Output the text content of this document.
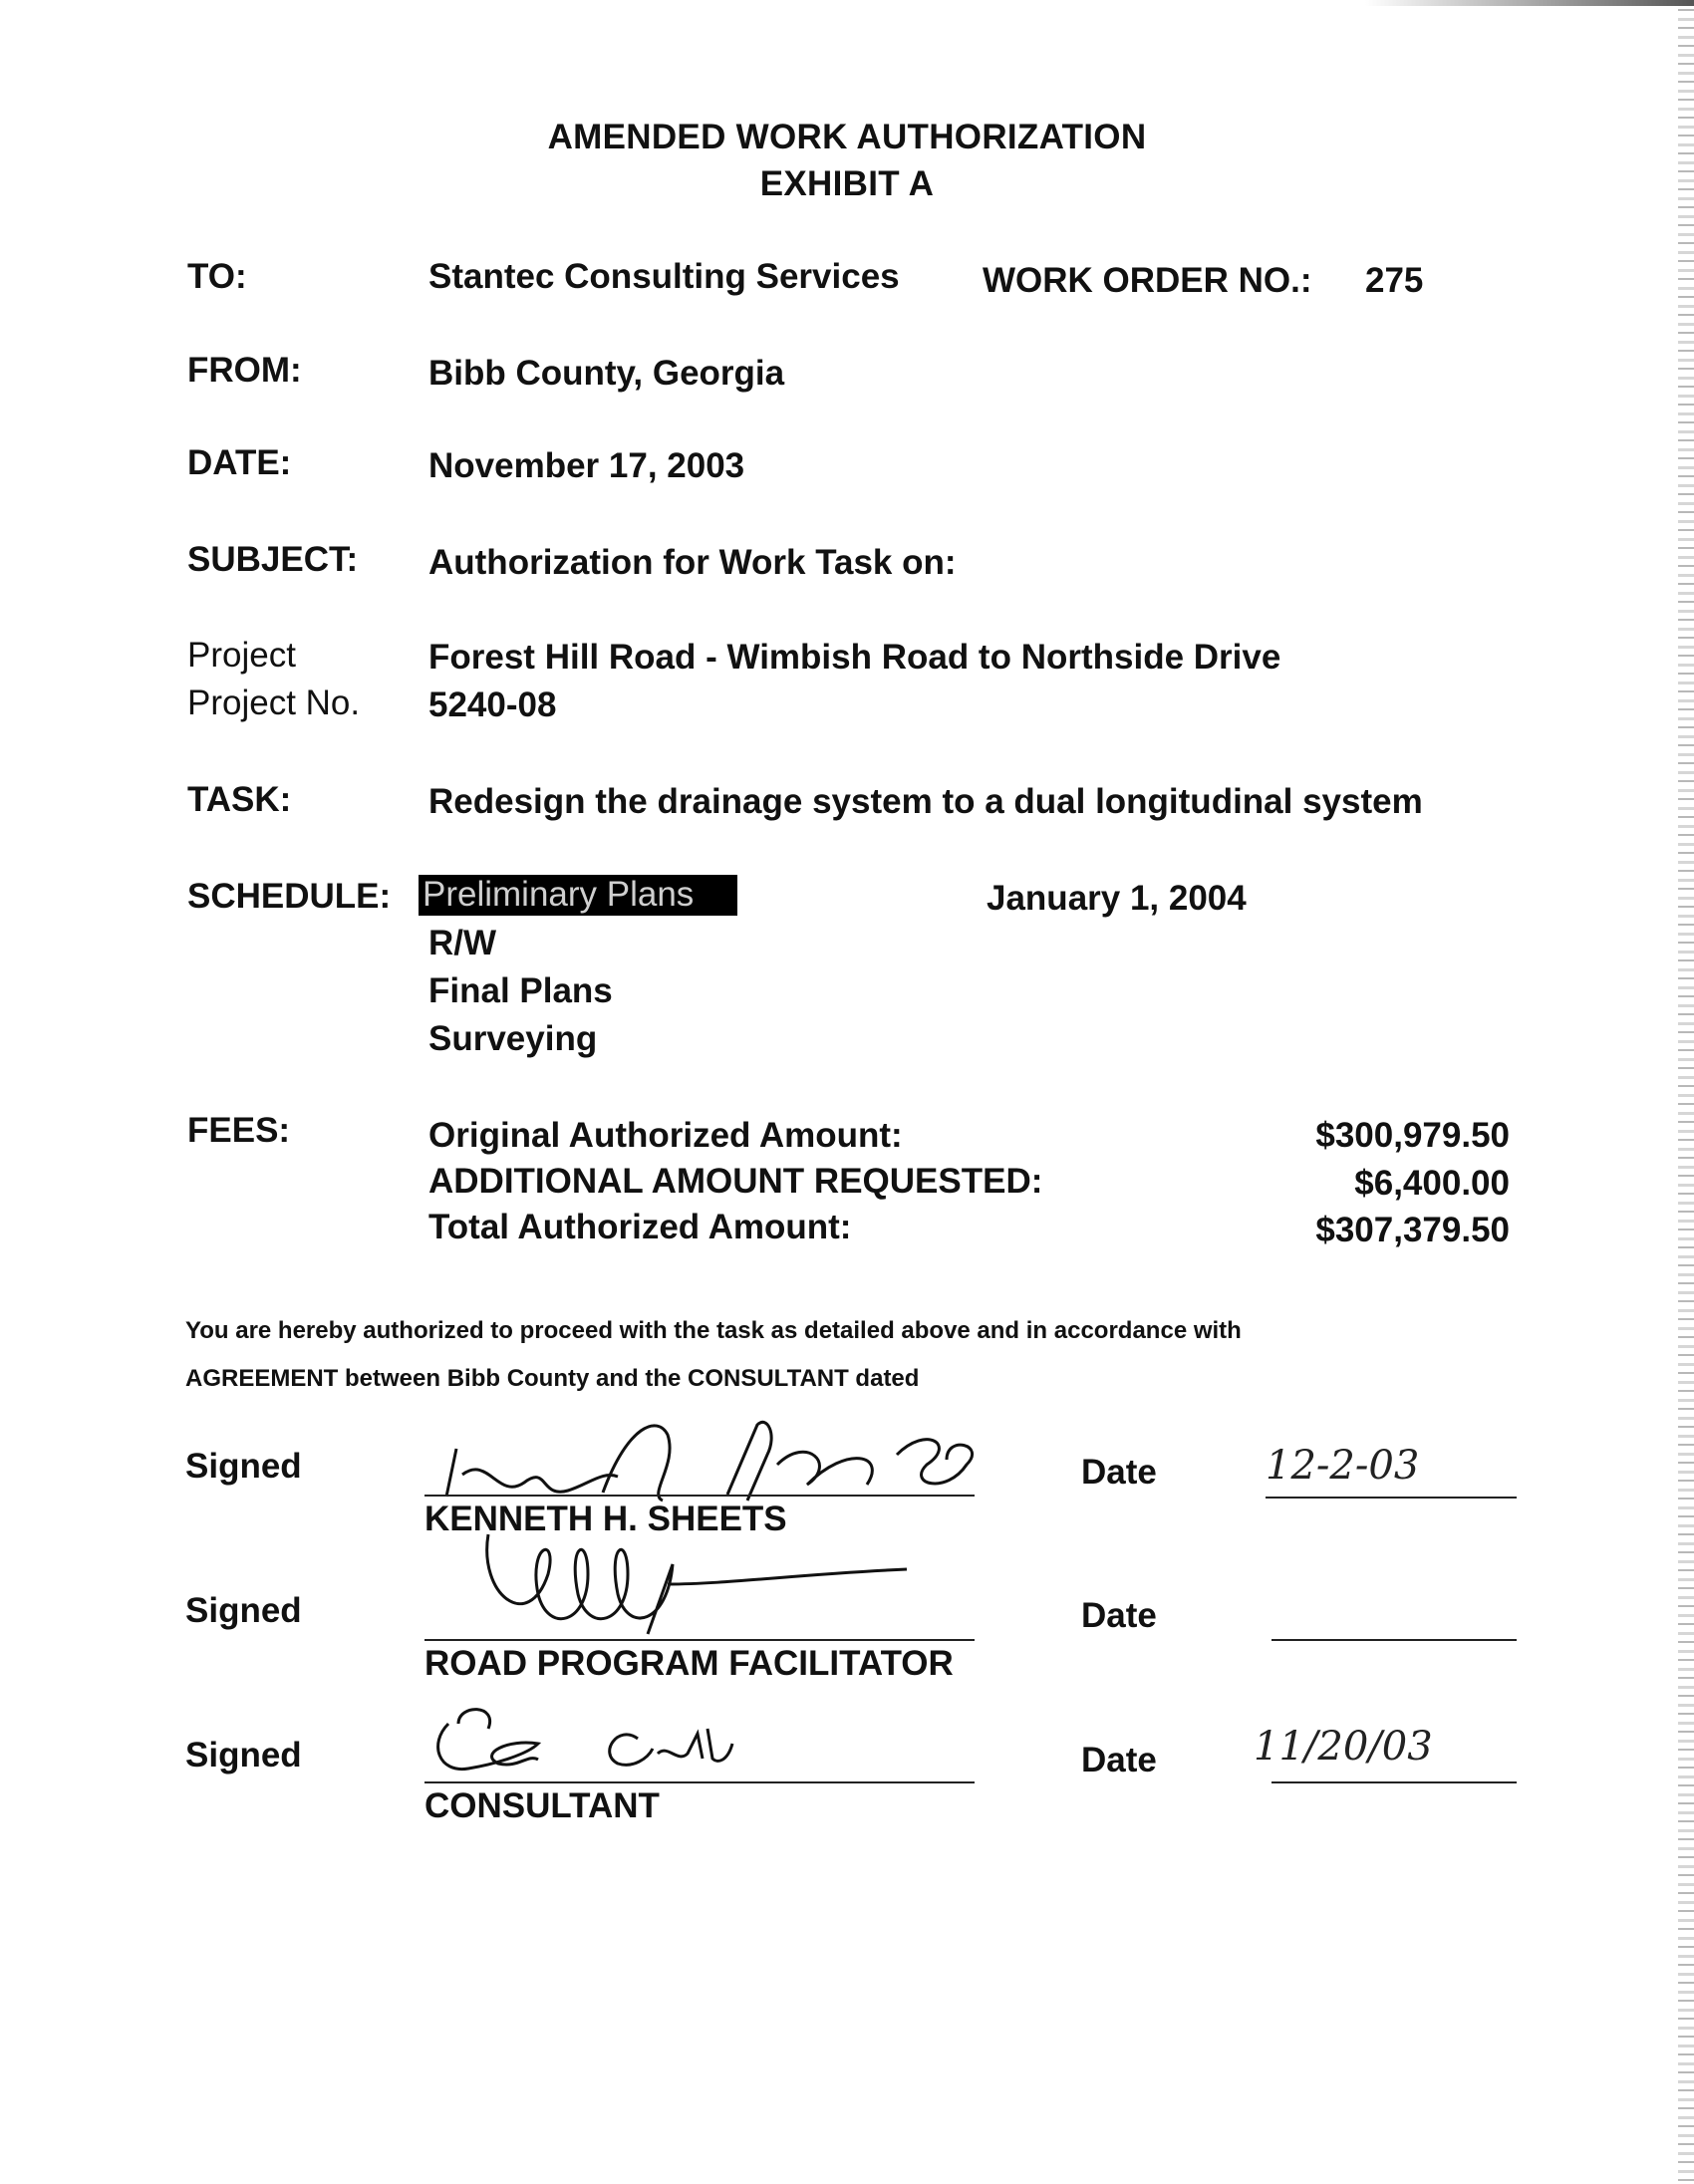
AMENDED WORK AUTHORIZATION
EXHIBIT A
TO:	Stantec Consulting Services WORK ORDER NO.: 275
FROM:	Bibb County, Georgia
DATE:	November 17, 2003
SUBJECT: Authorization for Work Task on:
Project	Forest Hill Road - Wimbish Road to Northside Drive
Project No. 5240-08
TASK:	Redesign the drainage system to a dual longitudinal system
SCHEDULE: Preliminary Plans	January 1, 2004
R/W
Final Plans
Surveying
FEES:	Original Authorized Amount:	$300,979.50
ADDITIONAL AMOUNT REQUESTED:	$6,400.00
Total Authorized Amount:	$307,379.50
You are hereby authorized to proceed with the task as detailed above and in accordance with
AGREEMENT between Bibb County and the CONSULTANT dated
Signed
KENNETH H. SHEETS
Date	12-2-03
Signed
ROAD PROGRAM FACILITATOR
Date
Signed
CONSULTANT
Date 11/20/03
